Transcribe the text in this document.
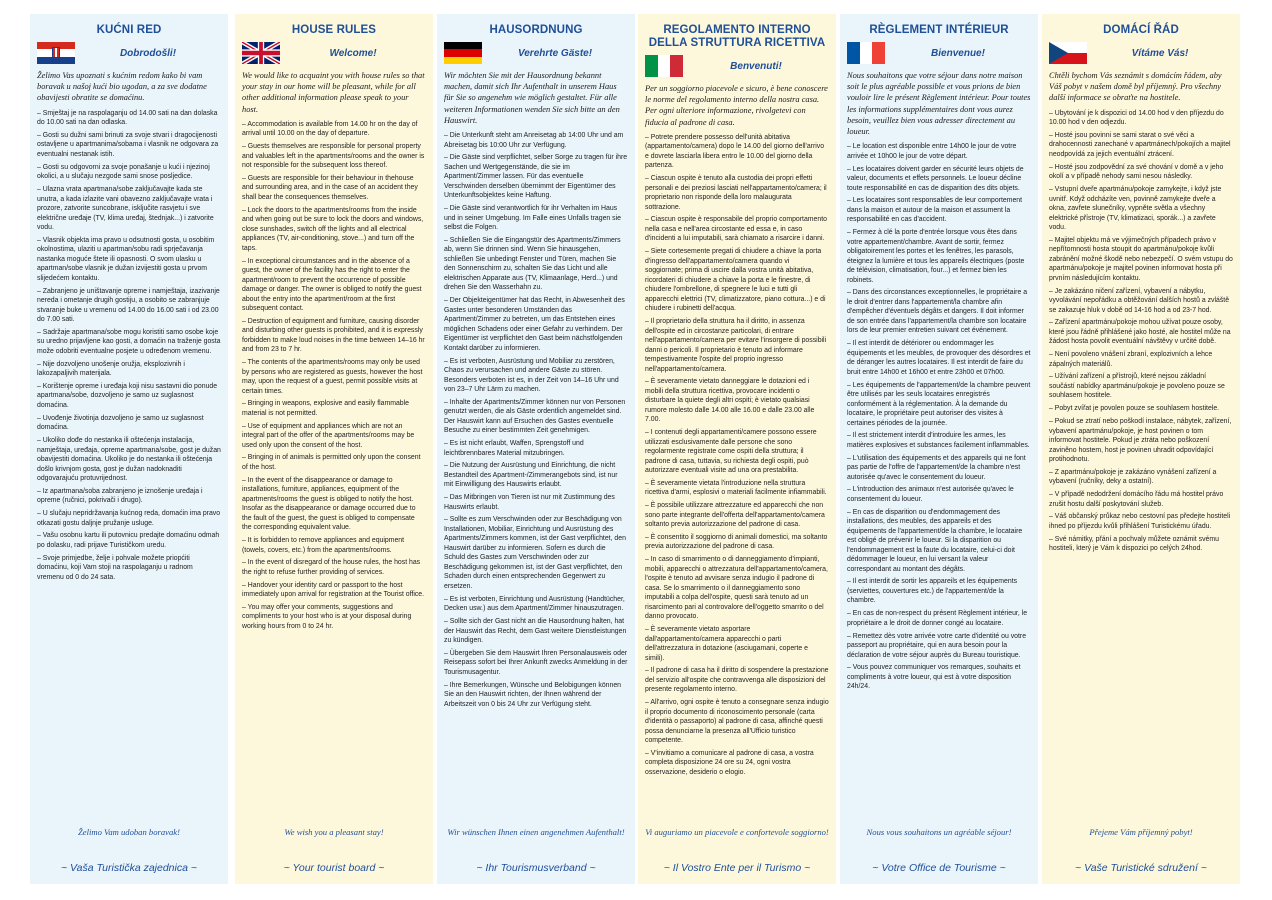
KUĆNI RED
Dobrodošli!
Želimo Vas upoznati s kućnim redom kako bi vam boravak u našoj kući bio ugodan, a za sve dodatne obavijesti obratite se domaćinu.
– Smještaj je na raspolaganju od 14.00 sati na dan dolaska do 10.00 sati na dan odlaska.
– Gosti su dužni sami brinuti za svoje stvari i dragocijenosti ostavljene u apartmanima/sobama i vlasnik ne odgovara za eventualni nestanak istih.
– Gosti su odgovorni za svoje ponašanje u kući i njezinoj okolici, a u slučaju nezgode sami snose posljedice.
– Ulazna vrata apartmana/sobe zaključavajte kada ste unutra, a kada izlazite vani obavezno zaključavajte vrata i prozore, zatvorite suncobrane, isključite rasvjetu i sve električne uređaje (TV, klima uređaj, štednjak...) i zatvorite vodu.
– Vlasnik objekta ima pravo u odsutnosti gosta, u osobitim okolnostima, ulaziti u apartman/sobu radi sprječavanja nastanka moguće štete ili opasnosti. O svom ulasku u apartman/sobe vlasnik je dužan izvijestiti gosta u prvom slijedećem kontaktu.
– Zabranjeno je uništavanje opreme i namještaja, izazivanje nereda i ometanje drugih gostiju, a osobito se zabranjuje stvaranje buke u vremenu od 14.00 do 16.00 sati i od 23.00 do 7.00 sati.
– Sadržaje apartmana/sobe mogu koristiti samo osobe koje su uredno prijavljene kao gosti, a domaćin na traženje gosta može odobriti eventualne posjete u određenom vremenu.
– Nije dozvoljeno unošenje oružja, eksplozivnih i lakozapaljivih materijala.
– Korištenje opreme i uređaja koji nisu sastavni dio ponude apartmana/sobe, dozvoljeno je samo uz suglasnost domaćina.
– Uvođenje životinja dozvoljeno je samo uz suglasnost domaćina.
– Ukoliko dođe do nestanka ili oštećenja instalacija, namještaja, uređaja, opreme apartmana/sobe, gost je dužan obavijestiti domaćina. Ukoliko je do nestanka ili oštećenja došlo krivnjom gosta, gost je dužan nadoknaditi odgovarajuću protuvrijednost.
– Iz apartmana/soba zabranjeno je iznošenje uređaja i opreme (ručnici, pokrivači i drugo).
– U slučaju nepridržavanja kućnog reda, domaćin ima pravo otkazati gostu daljnje pružanje usluge.
– Vašu osobnu kartu ili putovnicu predajte domaćinu odmah po dolasku, radi prijave Turističkom uredu.
– Svoje primjedbe, želje i pohvale možete priopćiti domaćinu, koji Vam stoji na raspolaganju u radnom vremenu od 0 do 24 sata.
Želimo Vam udoban boravak!
~ Vaša Turistička zajednica ~
HOUSE RULES
Welcome!
We would like to acquaint you with house rules so that your stay in our home will be pleasant, while for all other additional information please speak to your host.
– Accommodation is available from 14.00 hr on the day of arrival until 10.00 on the day of departure.
– Guests themselves are responsible for personal property and valuables left in the apartments/rooms and the owner is not responsible for the subsequent loss thereof.
– Guests are responsible for their behaviour in thehouse and surrounding area, and in the case of an accident they shall bear the consequences themselves.
– Lock the doors to the apartments/rooms from the inside and when going out be sure to lock the doors and windows, close sunshades, switch off the lights and all electrical appliances (TV, air-conditioning, stove...) and turn off the taps.
– In exceptional circumstances and in the absence of a guest, the owner of the facility has the right to enter the apartment/room to prevent the occurrence of possible damage or danger. The owner is obliged to notify the guest about the entry into the apartment/room at the first subsequent contact.
– Destruction of equipment and furniture, causing disorder and disturbing other guests is prohibited, and it is expressly forbidden to make loud noises in the time between 14–16 hr and from 23 to 7 hr.
– The contents of the apartments/rooms may only be used by persons who are registered as guests, however the host may, upon the request of a guest, permit possible visits at certain times.
– Bringing in weapons, explosive and easily flammable material is not permitted.
– Use of equipment and appliances which are not an integral part of the offer of the apartments/rooms may be used only upon the consent of the host.
– Bringing in of animals is permitted only upon the consent of the host.
– In the event of the disappearance or damage to installations, furniture, appliances, equipment of the apartments/rooms the guest is obliged to notify the host. Insofar as the disappearance or damage occurred due to the fault of the guest, the guest is obliged to compensate the corresponding equivalent value.
– It is forbidden to remove appliances and equipment (towels, covers, etc.) from the apartments/rooms.
– In the event of disregard of the house rules, the host has the right to refuse further providing of services.
– Handover your identity card or passport to the host immediately upon arrival for registration at the Tourist office.
– You may offer your comments, suggestions and compliments to your host who is at your disposal during working hours from 0 to 24 hr.
We wish you a pleasant stay!
~ Your tourist board ~
HAUSORDNUNG
Verehrte Gäste!
Wir möchten Sie mit der Hausordnung bekannt machen, damit sich Ihr Aufenthalt in unserem Haus für Sie so angenehm wie möglich gestaltet. Für alle weiteren Informationen wenden Sie sich bitte an den Hauswirt.
– Die Unterkunft steht am Anreisetag ab 14:00 Uhr und am Abreisetag bis 10:00 Uhr zur Verfügung.
– Die Gäste sind verpflichtet, selber Sorge zu tragen für ihre Sachen und Wertgegenstände, die sie im Apartment/Zimmer lassen. Für das eventuelle Verschwinden derselben übernimmt der Eigentümer des Unterkunftsobjektes keine Haftung.
– Die Gäste sind verantwortlich für ihr Verhalten im Haus und in seiner Umgebung. Im Falle eines Unfalls tragen sie selbst die Folgen.
– Schließen Sie die Eingangstür des Apartments/Zimmers ab, wenn Sie drinnen sind. Wenn Sie hinausgehen, schließen Sie unbedingt Fenster und Türen, machen Sie den Sonnenschirm zu, schalten Sie das Licht und alle elektrischen Apparate aus (TV, Klimaanlage, Herd...) und drehen Sie den Wasserhahn zu.
– Der Objekteigentümer hat das Recht, in Abwesenheit des Gastes unter besonderen Umständen das Apartment/Zimmer zu betreten, um das Entstehen eines möglichen Schadens oder einer Gefahr zu verhindern. Der Eigentümer ist verpflichtet den Gast beim nächstfolgenden Kontakt darüber zu informieren.
– Es ist verboten, Ausrüstung und Mobiliar zu zerstören, Chaos zu verursachen und andere Gäste zu stören. Besonders verboten ist es, in der Zeit von 14–16 Uhr und von 23–7 Uhr Lärm zu machen.
– Inhalte der Apartments/Zimmer können nur von Personen genutzt werden, die als Gäste ordentlich angemeldet sind. Der Hauswirt kann auf Ersuchen des Gastes eventuelle Besuche zu einer bestimmten Zeit genehmigen.
– Es ist nicht erlaubt, Waffen, Sprengstoff und leichtbrennbares Material mitzubringen.
– Die Nutzung der Ausrüstung und Einrichtung, die nicht Bestandteil des Apartment-/Zimmerangebots sind, ist nur mit Einwilligung des Hauswirts erlaubt.
– Das Mitbringen von Tieren ist nur mit Zustimmung des Hauswirts erlaubt.
– Sollte es zum Verschwinden oder zur Beschädigung von Installationen, Mobiliar, Einrichtung und Ausrüstung des Apartments/Zimmers kommen, ist der Gast verpflichtet, den Hauswirt darüber zu informieren. Sofern es durch die Schuld des Gastes zum Verschwinden oder zur Beschädigung gekommen ist, ist der Gast verpflichtet, den Schaden durch einen entsprechenden Gegenwert zu ersetzen.
– Es ist verboten, Einrichtung und Ausrüstung (Handtücher, Decken usw.) aus dem Apartment/Zimmer hinauszutragen.
– Sollte sich der Gast nicht an die Hausordnung halten, hat der Hauswirt das Recht, dem Gast weitere Dienstleistungen zu kündigen.
– Übergeben Sie dem Hauswirt Ihren Personalausweis oder Reisepass sofort bei Ihrer Ankunft zwecks Anmeldung in der Tourismusagentur.
– Ihre Bemerkungen, Wünsche und Belobigungen können Sie an den Hauswirt richten, der Ihnen während der Arbeitszeit von 0 bis 24 Uhr zur Verfügung steht.
Wir wünschen Ihnen einen angenehmen Aufenthalt!
~ Ihr Tourismusverband ~
REGOLAMENTO INTERNO DELLA STRUTTURA RICETTIVA
Benvenuti!
Per un soggiorno piacevole e sicuro, è bene conoscere le norme del regolamento interno della nostra casa. Per ogni ulteriore informazione, rivolgetevi con fiducia al padrone di casa.
– Potrete prendere possesso dell'unità abitativa (appartamento/camera) dopo le 14.00 del giorno dell'arrivo e dovrete lasciarla libera entro le 10.00 del giorno della partenza.
– Ciascun ospite è tenuto alla custodia dei propri effetti personali e dei preziosi lasciati nell'appartamento/camera; il proprietario non risponde della loro malaugurata sottrazione.
– Ciascun ospite è responsabile del proprio comportamento nella casa e nell'area circostante ed essa e, in caso d'incidenti a lui imputabili, sarà chiamato a risarcire i danni.
– Siete cortesemente pregati di chiudere a chiave la porta d'ingresso dell'appartamento/camera quando vi soggiornate; prima di uscire dalla vostra unità abitativa, ricordateri di chiudere a chiave la porta e le finestre, di chiudere l'ombrellone, di spegnere le luci e tutti gli apparecchi elettrici (TV, climatizzatore, piano cottura...) e di chiudere i rubinetti dell'acqua.
– Il proprietario della struttura ha il diritto, in assenza dell'ospite ed in circostanze particolari, di entrare nell'appartamento/camera per evitare l'insorgere di possibili danni o pericoli. Il proprietario è tenuto ad informare tempestivamente l'ospite del proprio ingresso nell'appartamento/camera.
– È severamente vietato danneggiare le dotazioni ed i mobili della struttura ricettiva, provocare incidenti o disturbare la quiete degli altri ospiti; è vietato qualsiasi rumore molesto dalle 14.00 alle 16.00 e dalle 23.00 alle 7.00.
– I contenuti degli appartamenti/camere possono essere utilizzati esclusivamente dalle persone che sono regolarmente registrate come ospiti della struttura; il padrone di casa, tuttavia, su richiesta degli ospiti, può autorizzare eventuali visite ad una ora prestabilita.
– È severamente vietata l'introduzione nella struttura ricettiva d'armi, esplosivi o materiali facilmente infiammabili.
– È possibile utilizzare attrezzature ed apparecchi che non sono parte integrante dell'offerta dell'appartamento/camera soltanto previa autorizzazione del padrone di casa.
– È consentito il soggiorno di animali domestici, ma soltanto previa autorizzazione del padrone di casa.
– In caso di smarrimento o di danneggiamento d'impianti, mobili, apparecchi o attrezzatura dell'appartamento/camera, l'ospite è tenuto ad avvisare senza indugio il padrone di casa. Se lo smarrimento o il danneggiamento sono imputabili a colpa dell'ospite, questi sarà tenuto ad un risarcimento pari al controvalore dell'oggetto smarrito o del danno provocato.
– È severamente vietato asportare dall'appartamento/camera apparecchi o parti dell'attrezzatura in dotazione (asciugamani, coperte e simili).
– Il padrone di casa ha il diritto di sospendere la prestazione del servizio all'ospite che contravvenga alle disposizioni del presente regolamento interno.
– All'arrivo, ogni ospite è tenuto a consegnare senza indugio il proprio documento di riconoscimento personale (carta d'identità o passaporto) al padrone di casa, affinché questi possa denunciarne la presenza all'Ufficio turistico competente.
– V'invitiamo a comunicare al padrone di casa, a vostra completa disposizione 24 ore su 24, ogni vostra osservazione, desiderio o elogio.
Vi auguriamo un piacevole e confortevole soggiorno!
~ Il Vostro Ente per il Turismo ~
RÈGLEMENT INTÉRIEUR
Bienvenue!
Nous souhaitons que votre séjour dans notre maison soit le plus agréable possible et vous prions de bien vouloir lire le présent Règlement intérieur. Pour toutes les informations supplémentaires dont vous aurez besoin, veuillez bien vous adresser directement au loueur.
– Le location est disponible entre 14h00 le jour de votre arrivée et 10h00 le jour de votre départ.
– Les locataires doivent garder en sécurité leurs objets de valeur, documents et effets personnels. Le loueur décline toute responsabilité en cas de disparition des dits objets.
– Les locataires sont responsables de leur comportement dans la maison et autour de la maison et assument la responsabilité en cas d'accident.
– Fermez à clé la porte d'entrée lorsque vous êtes dans votre appartement/chambre. Avant de sortir, fermez obligatoirement les portes et les fenêtres, les parasols, éteignez la lumière et tous les appareils électriques (poste de télévision, climatisation, four...) et fermez bien les robinets.
– Dans des circonstances exceptionnelles, le propriétaire a le droit d'entrer dans l'appartement/la chambre afin d'empêcher d'éventuels dégâts et dangers. Il doit informer de son entrée dans l'appartement/la chambre son locataire lors de leur premier entretien suivant cet événement.
– Il est interdit de détériorer ou endommager les équipements et les meubles, de provoquer des désordres et de déranger les autres locataires. Il est interdit de faire du bruit entre 14h00 et 16h00 et entre 23h00 et 07h00.
– Les équipements de l'appartement/de la chambre peuvent être utilisés par les seuls locataires enregistrés conformément à la réglementation. À la demande du locataire, le propriétaire peut autoriser des visites à certaines périodes de la journée.
– Il est strictement interdit d'introduire les armes, les matières explosives et substances facilement inflammables.
– L'utilisation des équipements et des appareils qui ne font pas partie de l'offre de l'appartement/de la chambre n'est autorisée qu'avec le consentement du loueur.
– L'introduction des animaux n'est autorisée qu'avec le consentement du loueur.
– En cas de disparition ou d'endommagement des installations, des meubles, des appareils et des équipements de l'appartement/de la chambre, le locataire est obligé de prévenir le loueur. Si la disparition ou l'endommagement est la faute du locataire, celui-ci doit dédommager le loueur, en lui versant la valeur correspondant au montant des dégâts.
– Il est interdit de sortir les appareils et les équipements (serviettes, couvertures etc.) de l'appartement/de la chambre.
– En cas de non-respect du présent Règlement intérieur, le propriétaire a le droit de donner congé au locataire.
– Remettez dès votre arrivée votre carte d'identité ou votre passeport au propriétaire, qui en aura besoin pour la déclaration de votre séjour auprès du Bureau touristique.
– Vous pouvez communiquer vos remarques, souhaits et compliments à votre loueur, qui est à votre disposition 24h/24.
Nous vous souhaitons un agréable séjour!
~ Votre Office de Tourisme ~
DOMÁCÍ ŘÁD
Vítáme Vás!
Chtěli bychom Vás seznámit s domácím řádem, aby Váš pobyt v našem domě byl příjemný. Pro všechny další informace se obraťte na hostitele.
– Ubytování je k dispozici od 14.00 hod v den příjezdu do 10.00 hod v den odjezdu.
– Hosté jsou povinni se sami starat o své věci a drahocennosti zanechané v apartmánech/pokojích a majitel neodpovídá za jejich eventuální ztrácení.
– Hosté jsou zodpovědní za své chování v domě a v jeho okolí a v případě nehody sami nesou následky.
– Vstupní dveře apartmánu/pokoje zamykejte, i když jste uvnitř. Když odcházíte ven, povinně zamykejte dveře a okna, zavřete slunečníky, vypněte světla a všechny elektrické přístroje (TV, klimatizaci, sporák...) a zavřete vodu.
– Majitel objektu má ve výjimečných případech právo v nepřítomnosti hosta stoupit do apartmánu/pokoje kvůli zabránění možné škodě nebo nebezpečí. O svém vstupu do apartmánu/pokoje je majitel povinen informovat hosta při prvním následujícím kontaktu.
– Je zakázáno ničení zařízení, vybavení a nábytku, vyvolávání nepořádku a obtěžování dalších hostů a zvláště se zakazuje hluk v době od 14-16 hod a od 23-7 hod.
– Zařízení apartmánu/pokoje mohou užívat pouze osoby, které jsou řádně přihlášené jako hosté, ale hostitel může na žádost hosta povolit eventuální návštěvy v určité době.
– Není povoleno vnášení zbraní, explozivních a lehce zápalných materiálů.
– Užívání zařízení a přístrojů, které nejsou základní součástí nabídky apartmánu/pokoje je povoleno pouze se souhlasem hostitele.
– Pobyt zvířat je povolen pouze se souhlasem hostitele.
– Pokud se ztratí nebo poškodí instalace, nábytek, zařízení, vybavení apartmánu/pokoje, je host povinen o tom informovat hostitele. Pokud je ztráta nebo poškození zaviněno hostem, host je povinen uhradit odpovídající protihodnotu.
– Z apartmánu/pokoje je zakázáno vynášení zařízení a vybavení (ručníky, deky a ostatní).
– V případě nedodržení domácího řádu má hostitel právo zrušit hostu další poskytování služeb.
– Váš občanský průkaz nebo cestovní pas předejte hostiteli ihned po příjezdu kvůli přihlášení Turistickému úřadu.
– Své námitky, přání a pochvaly můžete oznámit svému hostiteli, který je Vám k dispozici po celých 24hod.
Přejeme Vám příjemný pobyt!
~ Vaše Turistické sdružení ~
